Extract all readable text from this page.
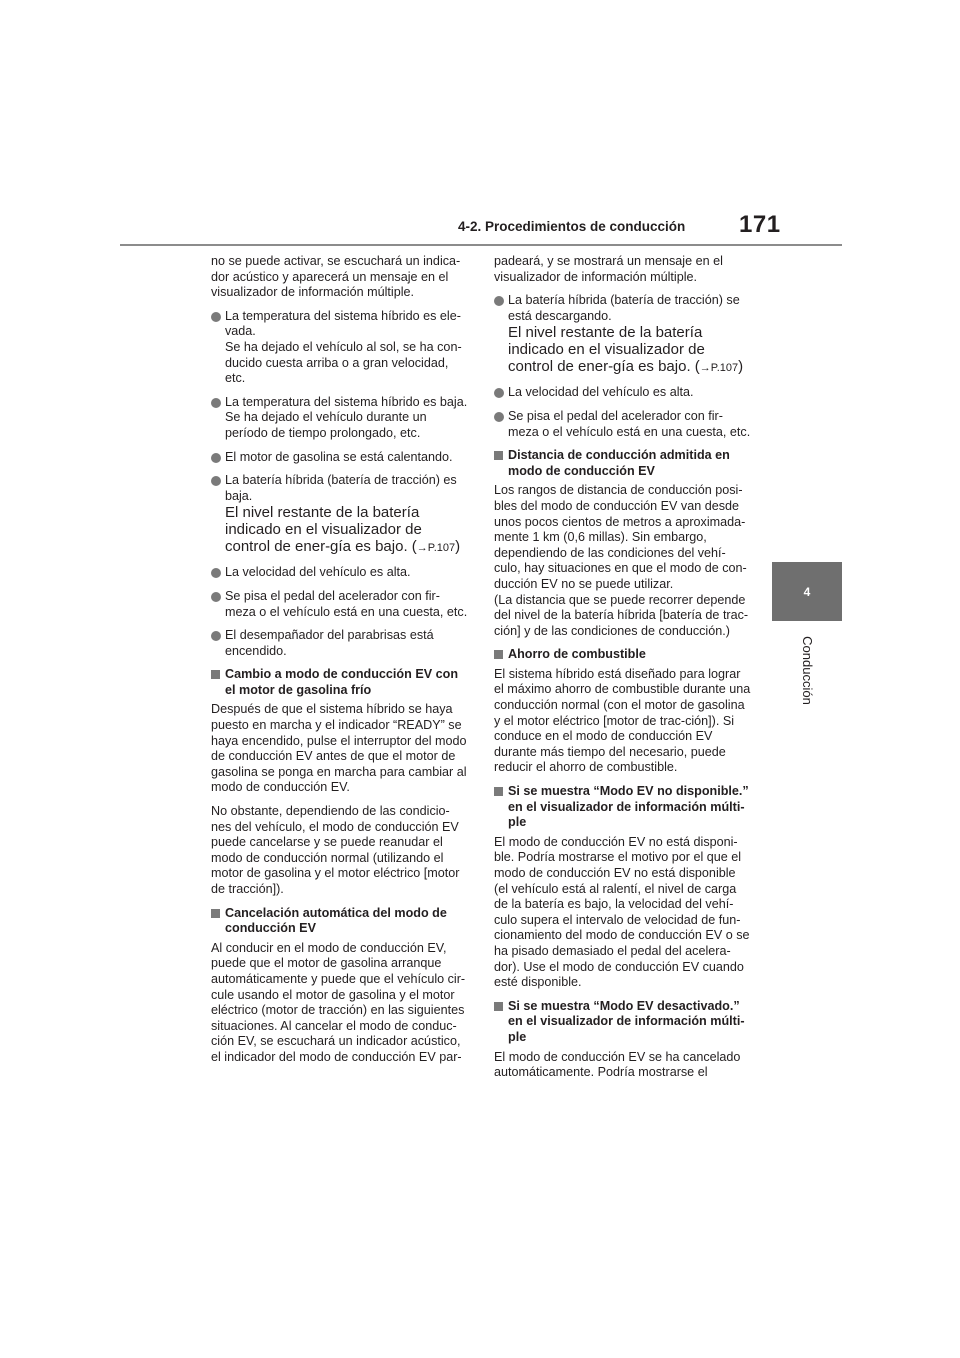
4-2. Procedimientos de conducción	171
4
Conducción

no se puede activar, se escuchará un indica-dor acústico y aparecerá un mensaje en el visualizador de información múltiple.

La temperatura del sistema híbrido es ele-vada.
Se ha dejado el vehículo al sol, se ha con-ducido cuesta arriba o a gran velocidad, etc.
La temperatura del sistema híbrido es baja.
Se ha dejado el vehículo durante un período de tiempo prolongado, etc.
El motor de gasolina se está calentando.
La batería híbrida (batería de tracción) es baja.
El nivel restante de la batería indicado en el visualizador de control de ener-gía es bajo. (→P.107)
La velocidad del vehículo es alta.
Se pisa el pedal del acelerador con fir-meza o el vehículo está en una cuesta, etc.
El desempañador del parabrisas está encendido.
Cambio a modo de conducción EV con el motor de gasolina frío

Después de que el sistema híbrido se haya puesto en marcha y el indicador “READY” se haya encendido, pulse el interruptor del modo de conducción EV antes de que el motor de gasolina se ponga en marcha para cambiar al modo de conducción EV.

No obstante, dependiendo de las condicio-nes del vehículo, el modo de conducción EV puede cancelarse y se puede reanudar el modo de conducción normal (utilizando el motor de gasolina y el motor eléctrico [motor de tracción]).

Cancelación automática del modo de conducción EV

Al conducir en el modo de conducción EV, puede que el motor de gasolina arranque automáticamente y puede que el vehículo cir-cule usando el motor de gasolina y el motor eléctrico (motor de tracción) en las siguientes situaciones. Al cancelar el modo de conduc-ción EV, se escuchará un indicador acústico, el indicador del modo de conducción EV par-

padeará, y se mostrará un mensaje en el visualizador de información múltiple.

La batería híbrida (batería de tracción) se está descargando.
El nivel restante de la batería indicado en el visualizador de control de ener-gía es bajo. (→P.107)
La velocidad del vehículo es alta.
Se pisa el pedal del acelerador con fir-meza o el vehículo está en una cuesta, etc.
Distancia de conducción admitida en modo de conducción EV

Los rangos de distancia de conducción posi-bles del modo de conducción EV van desde unos pocos cientos de metros a aproximada-mente 1 km (0,6 millas). Sin embargo, dependiendo de las condiciones del vehí-culo, hay situaciones en que el modo de con-ducción EV no se puede utilizar.

(La distancia que se puede recorrer depende del nivel de la batería híbrida [batería de trac-ción] y de las condiciones de conducción.)

Ahorro de combustible

El sistema híbrido está diseñado para lograr el máximo ahorro de combustible durante una conducción normal (con el motor de gasolina y el motor eléctrico [motor de trac-ción]). Si conduce en el modo de conducción EV durante más tiempo del necesario, puede reducir el ahorro de combustible.

Si se muestra “Modo EV no disponible.” en el visualizador de información múlti-ple

El modo de conducción EV no está disponi-ble. Podría mostrarse el motivo por el que el modo de conducción EV no está disponible (el vehículo está al ralentí, el nivel de carga de la batería es bajo, la velocidad del vehí-culo supera el intervalo de velocidad de fun-cionamiento del modo de conducción EV o se ha pisado demasiado el pedal del acelera-dor). Use el modo de conducción EV cuando esté disponible.

Si se muestra “Modo EV desactivado.” en el visualizador de información múlti-ple

El modo de conducción EV se ha cancelado automáticamente. Podría mostrarse el
